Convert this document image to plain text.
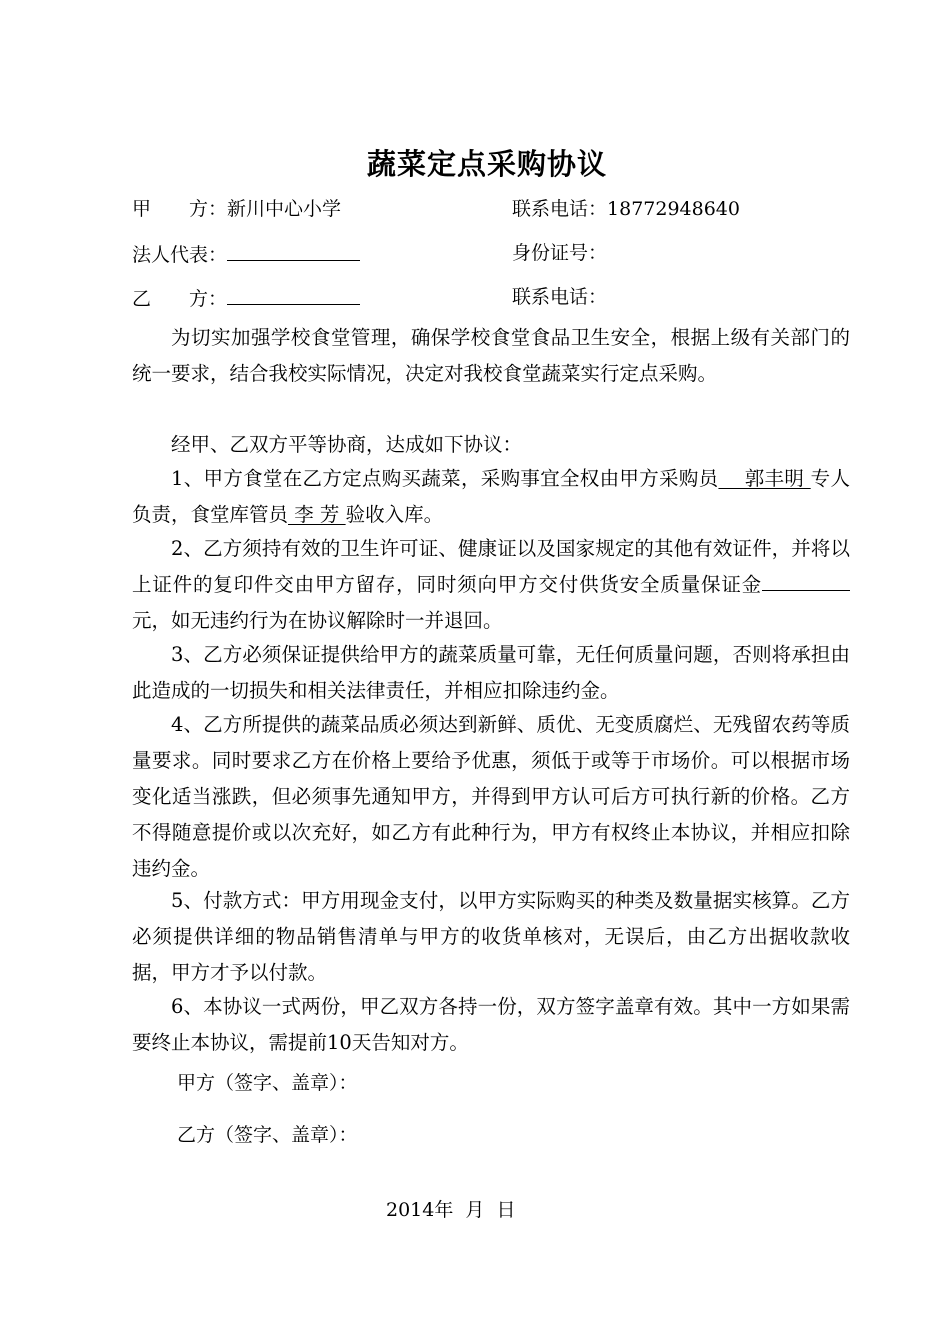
蔬菜定点采购协议
甲　　方：新川中心小学	联系电话：18772948640
法人代表：	身份证号：
乙　　方：	联系电话：
为切实加强学校食堂管理，确保学校食堂食品卫生安全，根据上级有关部门的统一要求，结合我校实际情况，决定对我校食堂蔬菜实行定点采购。
经甲、乙双方平等协商，达成如下协议：
1、甲方食堂在乙方定点购买蔬菜，采购事宜全权由甲方采购员　 郭丰明 专人负责，食堂库管员 李 芳 验收入库。
2、乙方须持有效的卫生许可证、健康证以及国家规定的其他有效证件，并将以上证件的复印件交由甲方留存，同时须向甲方交付供货安全质量保证金元，如无违约行为在协议解除时一并退回。
3、乙方必须保证提供给甲方的蔬菜质量可靠，无任何质量问题，否则将承担由此造成的一切损失和相关法律责任，并相应扣除违约金。
4、乙方所提供的蔬菜品质必须达到新鲜、质优、无变质腐烂、无残留农药等质量要求。同时要求乙方在价格上要给予优惠，须低于或等于市场价。可以根据市场变化适当涨跌，但必须事先通知甲方，并得到甲方认可后方可执行新的价格。乙方不得随意提价或以次充好，如乙方有此种行为，甲方有权终止本协议，并相应扣除违约金。
5、付款方式：甲方用现金支付，以甲方实际购买的种类及数量据实核算。乙方必须提供详细的物品销售清单与甲方的收货单核对，无误后，由乙方出据收款收据，甲方才予以付款。
6、本协议一式两份，甲乙双方各持一份，双方签字盖章有效。其中一方如果需要终止本协议，需提前10天告知对方。
甲方（签字、盖章）：
乙方（签字、盖章）：
2014年  月  日
